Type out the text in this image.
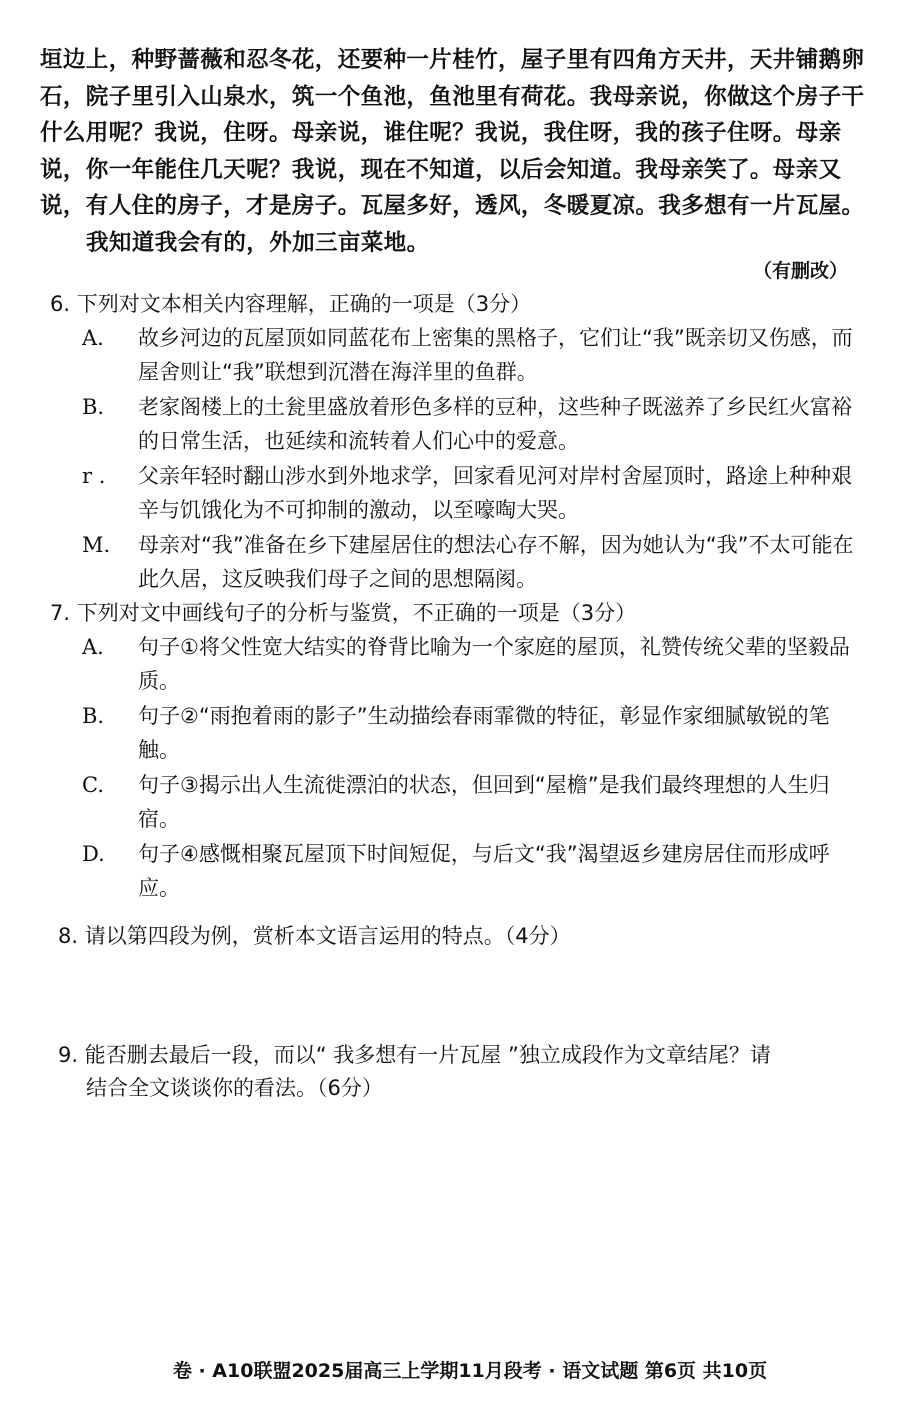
垣边上，种野蔷薇和忍冬花，还要种一片桂竹，屋子里有四角方天井，天井铺鹅卵石，院子里引入山泉水，筑一个鱼池，鱼池里有荷花。我母亲说，你做这个房子干什么用呢？我说，住呀。母亲说，谁住呢？我说，我住呀，我的孩子住呀。母亲说，你一年能住几天呢？我说，现在不知道，以后会知道。我母亲笑了。母亲又说，有人住的房子，才是房子。瓦屋多好，透风，冬暖夏凉。我多想有一片瓦屋。

我知道我会有的，外加三亩菜地。

（有删改）

6. 下列对文本相关内容理解，正确的一项是（3分）

A.	故乡河边的瓦屋顶如同蓝花布上密集的黑格子，它们让“我”既亲切又伤感，而屋舍则让“我”联想到沉潜在海洋里的鱼群。
B.	老家阁楼上的土瓮里盛放着形色多样的豆种，这些种子既滋养了乡民红火富裕的日常生活，也延续和流转着人们心中的爱意。
r .	父亲年轻时翻山涉水到外地求学，回家看见河对岸村舍屋顶时，路途上种种艰辛与饥饿化为不可抑制的激动，以至嚎啕大哭。
M.	母亲对“我”准备在乡下建屋居住的想法心存不解，因为她认为“我”不太可能在此久居，这反映我们母子之间的思想隔阂。

7. 下列对文中画线句子的分析与鉴赏，不正确的一项是（3分）

A.	句子①将父性宽大结实的脊背比喻为一个家庭的屋顶，礼赞传统父辈的坚毅品质。
B.	句子②“雨抱着雨的影子”生动描绘春雨霏微的特征，彰显作家细腻敏锐的笔触。
C.	句子③揭示出人生流徙漂泊的状态，但回到“屋檐”是我们最终理想的人生归宿。
D.	句子④感慨相聚瓦屋顶下时间短促，与后文“我”渴望返乡建房居住而形成呼应。

8. 请以第四段为例，赏析本文语言运用的特点。（4分）

9. 能否删去最后一段，而以“ 我多想有一片瓦屋 ”独立成段作为文章结尾？请
结合全文谈谈你的看法。（6分）

卷 · A10联盟2025届高三上学期11月段考 · 语文试题 第6页 共10页
